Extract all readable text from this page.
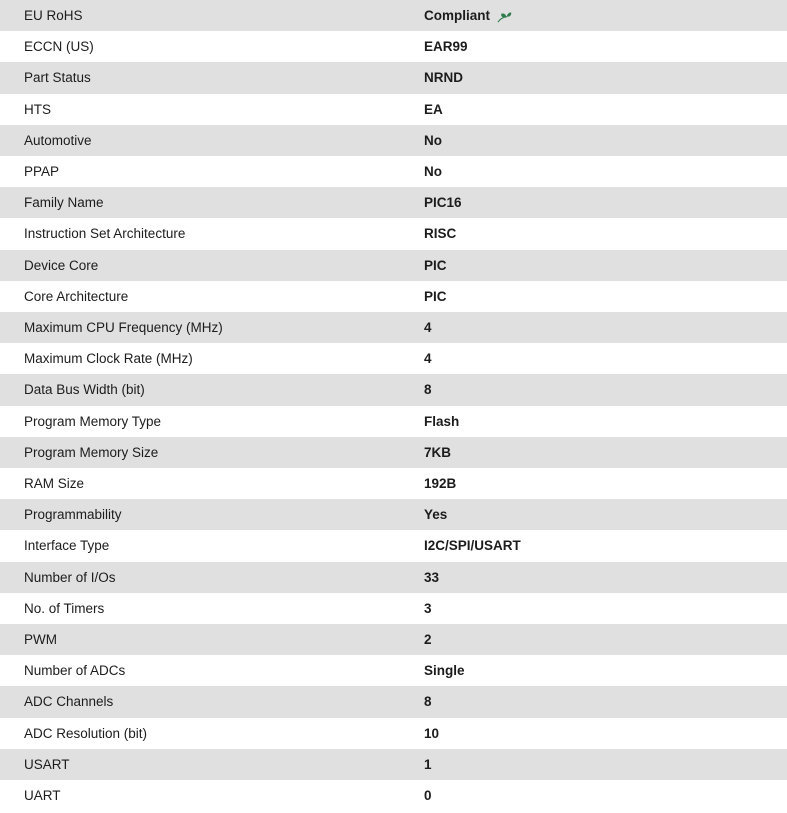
EU RoHS	Compliant

ECCN (US)	EAR99

Part Status	NRND

HTS	EA

Automotive	No

PPAP	No

Family Name	PIC16

Instruction Set Architecture	RISC

Device Core	PIC

Core Architecture	PIC

Maximum CPU Frequency (MHz)	4

Maximum Clock Rate (MHz)	4

Data Bus Width (bit)	8

Program Memory Type	Flash

Program Memory Size	7KB

RAM Size	192B

Programmability	Yes

Interface Type	I2C/SPI/USART

Number of I/Os	33

No. of Timers	3

PWM	2

Number of ADCs	Single

ADC Channels	8

ADC Resolution (bit)	10

USART	1

UART	0
